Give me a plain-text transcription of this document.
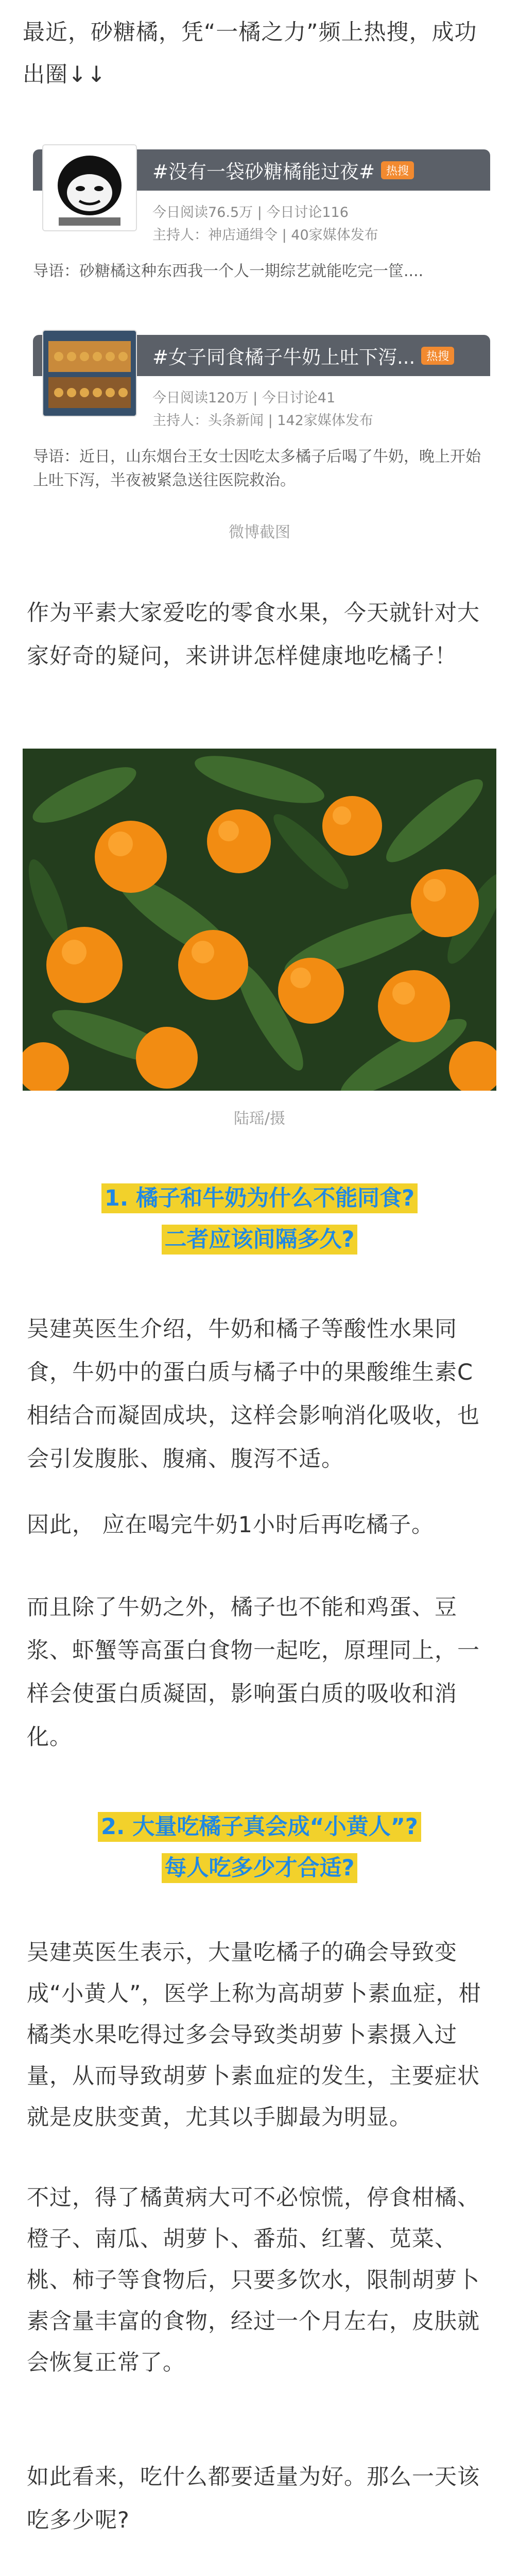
最近，砂糖橘，凭“一橘之力”频上热搜，成功出圈↓↓
#没有一袋砂糖橘能过夜#	热搜
今日阅读76.5万 | 今日讨论116
主持人：神店通缉令 | 40家媒体发布
导语：砂糖橘这种东西我一个人一期综艺就能吃完一筐....
#女子同食橘子牛奶上吐下泻...	热搜
今日阅读120万 | 今日讨论41
主持人：头条新闻 | 142家媒体发布
导语：近日，山东烟台王女士因吃太多橘子后喝了牛奶，晚上开始上吐下泻，半夜被紧急送往医院救治。
微博截图

作为平素大家爱吃的零食水果，今天就针对大家好奇的疑问，来讲讲怎样健康地吃橘子！

陆瑶/摄
1. 橘子和牛奶为什么不能同食?
二者应该间隔多久?

吴建英医生介绍，牛奶和橘子等酸性水果同食，牛奶中的蛋白质与橘子中的果酸维生素C相结合而凝固成块，这样会影响消化吸收，也会引发腹胀、腹痛、腹泻不适。

因此， 应在喝完牛奶1小时后再吃橘子。

而且除了牛奶之外，橘子也不能和鸡蛋、豆浆、虾蟹等高蛋白食物一起吃，原理同上，一样会使蛋白质凝固，影响蛋白质的吸收和消化。

2. 大量吃橘子真会成“小黄人”?
每人吃多少才合适?

吴建英医生表示，大量吃橘子的确会导致变成“小黄人”，医学上称为高胡萝卜素血症，柑橘类水果吃得过多会导致类胡萝卜素摄入过量，从而导致胡萝卜素血症的发生，主要症状就是皮肤变黄，尤其以手脚最为明显。

不过，得了橘黄病大可不必惊慌，停食柑橘、橙子、南瓜、胡萝卜、番茄、红薯、苋菜、桃、柿子等食物后，只要多饮水，限制胡萝卜素含量丰富的食物，经过一个月左右，皮肤就会恢复正常了。

如此看来，吃什么都要适量为好。那么一天该吃多少呢?
